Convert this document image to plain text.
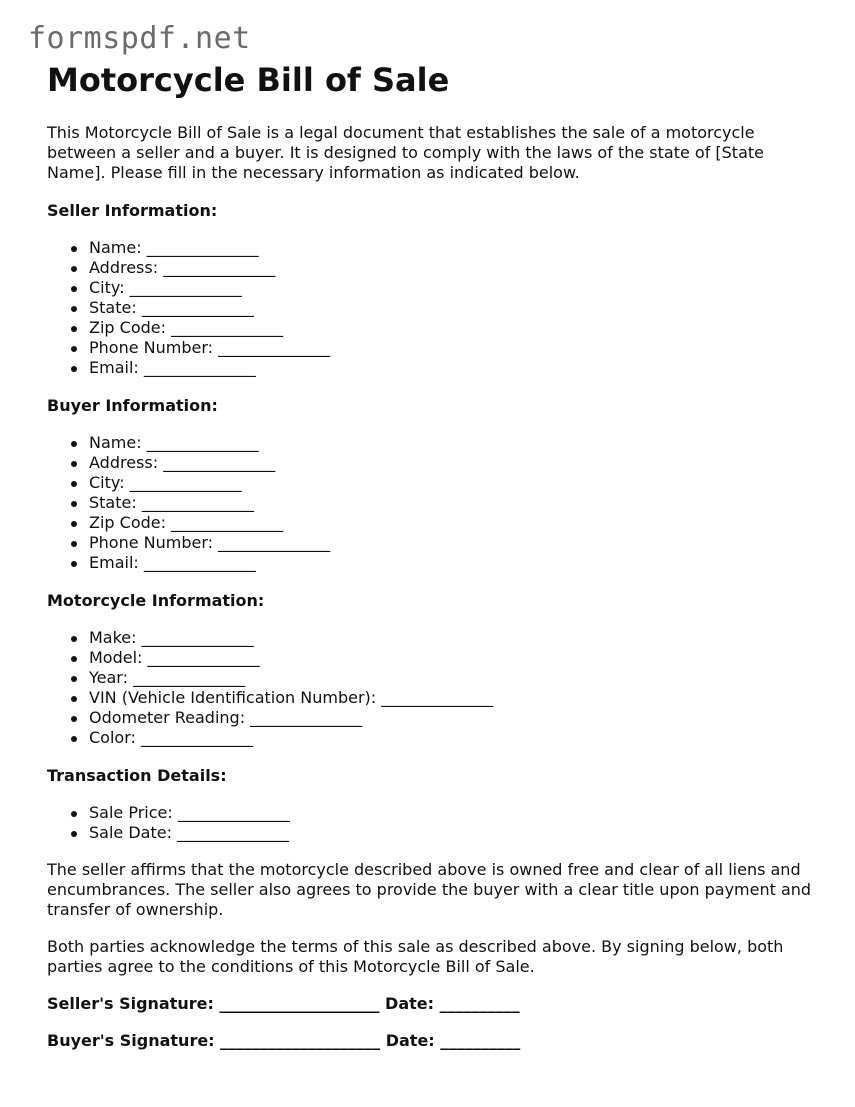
formspdf.net
Motorcycle Bill of Sale

This Motorcycle Bill of Sale is a legal document that establishes the sale of a motorcycle between a seller and a buyer. It is designed to comply with the laws of the state of [State Name]. Please fill in the necessary information as indicated below.

Seller Information:

Name: ______________
Address: ______________
City: ______________
State: ______________
Zip Code: ______________
Phone Number: ______________
Email: ______________

Buyer Information:

Name: ______________
Address: ______________
City: ______________
State: ______________
Zip Code: ______________
Phone Number: ______________
Email: ______________

Motorcycle Information:

Make: ______________
Model: ______________
Year: ______________
VIN (Vehicle Identification Number): ______________
Odometer Reading: ______________
Color: ______________

Transaction Details:

Sale Price: ______________
Sale Date: ______________

The seller affirms that the motorcycle described above is owned free and clear of all liens and encumbrances. The seller also agrees to provide the buyer with a clear title upon payment and transfer of ownership.

Both parties acknowledge the terms of this sale as described above. By signing below, both parties agree to the conditions of this Motorcycle Bill of Sale.

Seller's Signature: ____________________ Date: __________

Buyer's Signature: ____________________ Date: __________
